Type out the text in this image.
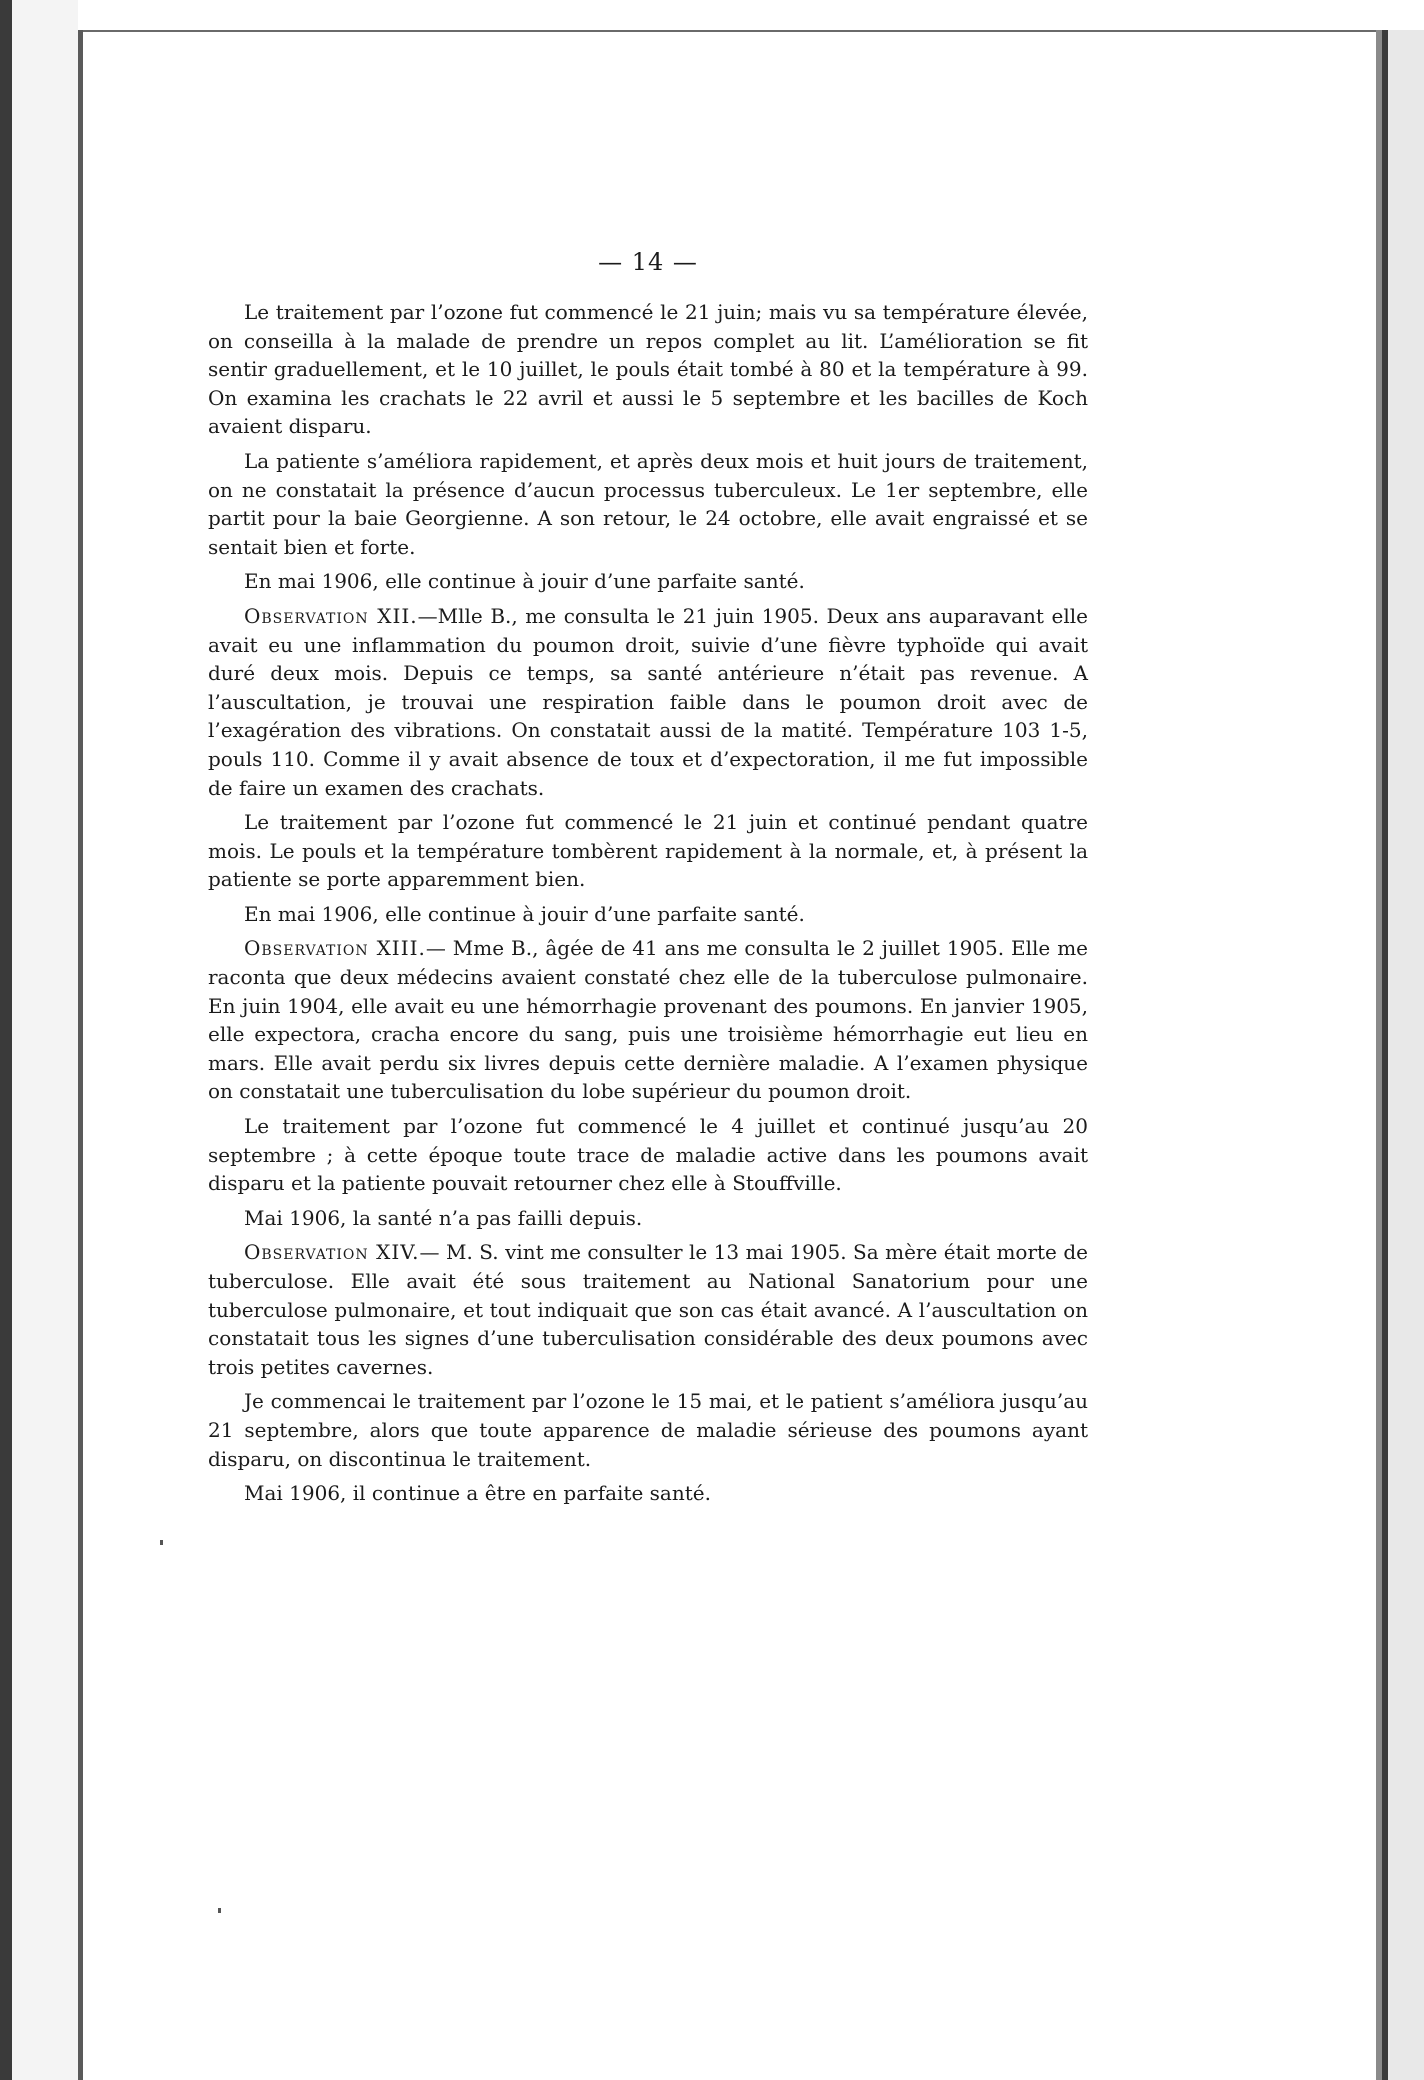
— 14 —

Le traitement par l’ozone fut commencé le 21 juin; mais vu sa température élevée, on conseilla à la malade de prendre un repos complet au lit. L’amélioration se fit sentir graduellement, et le 10 juillet, le pouls était tombé à 80 et la température à 99. On examina les crachats le 22 avril et aussi le 5 septembre et les bacilles de Koch avaient disparu.

La patiente s’améliora rapidement, et après deux mois et huit jours de traitement, on ne constatait la présence d’aucun processus tuberculeux. Le 1er septembre, elle partit pour la baie Georgienne. A son retour, le 24 octobre, elle avait engraissé et se sentait bien et forte.

En mai 1906, elle continue à jouir d’une parfaite santé.

Observation XII.—Mlle B., me consulta le 21 juin 1905. Deux ans auparavant elle avait eu une inflammation du poumon droit, suivie d’une fièvre typhoïde qui avait duré deux mois. Depuis ce temps, sa santé antérieure n’était pas revenue. A l’auscultation, je trouvai une respiration faible dans le poumon droit avec de l’exagération des vibrations. On constatait aussi de la matité. Température 103 1-5, pouls 110. Comme il y avait absence de toux et d’expectoration, il me fut impossible de faire un examen des crachats.

Le traitement par l’ozone fut commencé le 21 juin et continué pendant quatre mois. Le pouls et la température tombèrent rapidement à la normale, et, à présent la patiente se porte apparemment bien.

En mai 1906, elle continue à jouir d’une parfaite santé.

Observation XIII.— Mme B., âgée de 41 ans me consulta le 2 juillet 1905. Elle me raconta que deux médecins avaient constaté chez elle de la tuberculose pulmonaire. En juin 1904, elle avait eu une hémorrhagie provenant des poumons. En janvier 1905, elle expectora, cracha encore du sang, puis une troisième hémorrhagie eut lieu en mars. Elle avait perdu six livres depuis cette dernière maladie. A l’examen physique on constatait une tuberculisation du lobe supérieur du poumon droit.

Le traitement par l’ozone fut commencé le 4 juillet et continué jusqu’au 20 septembre ; à cette époque toute trace de maladie active dans les poumons avait disparu et la patiente pouvait retourner chez elle à Stouffville.

Mai 1906, la santé n’a pas failli depuis.

Observation XIV.— M. S. vint me consulter le 13 mai 1905. Sa mère était morte de tuberculose. Elle avait été sous traitement au National Sanatorium pour une tuberculose pulmonaire, et tout indiquait que son cas était avancé. A l’auscultation on constatait tous les signes d’une tuberculisation considérable des deux poumons avec trois petites cavernes.

Je commencai le traitement par l’ozone le 15 mai, et le patient s’améliora jusqu’au 21 septembre, alors que toute apparence de maladie sérieuse des poumons ayant disparu, on discontinua le traitement.

Mai 1906, il continue a être en parfaite santé.
